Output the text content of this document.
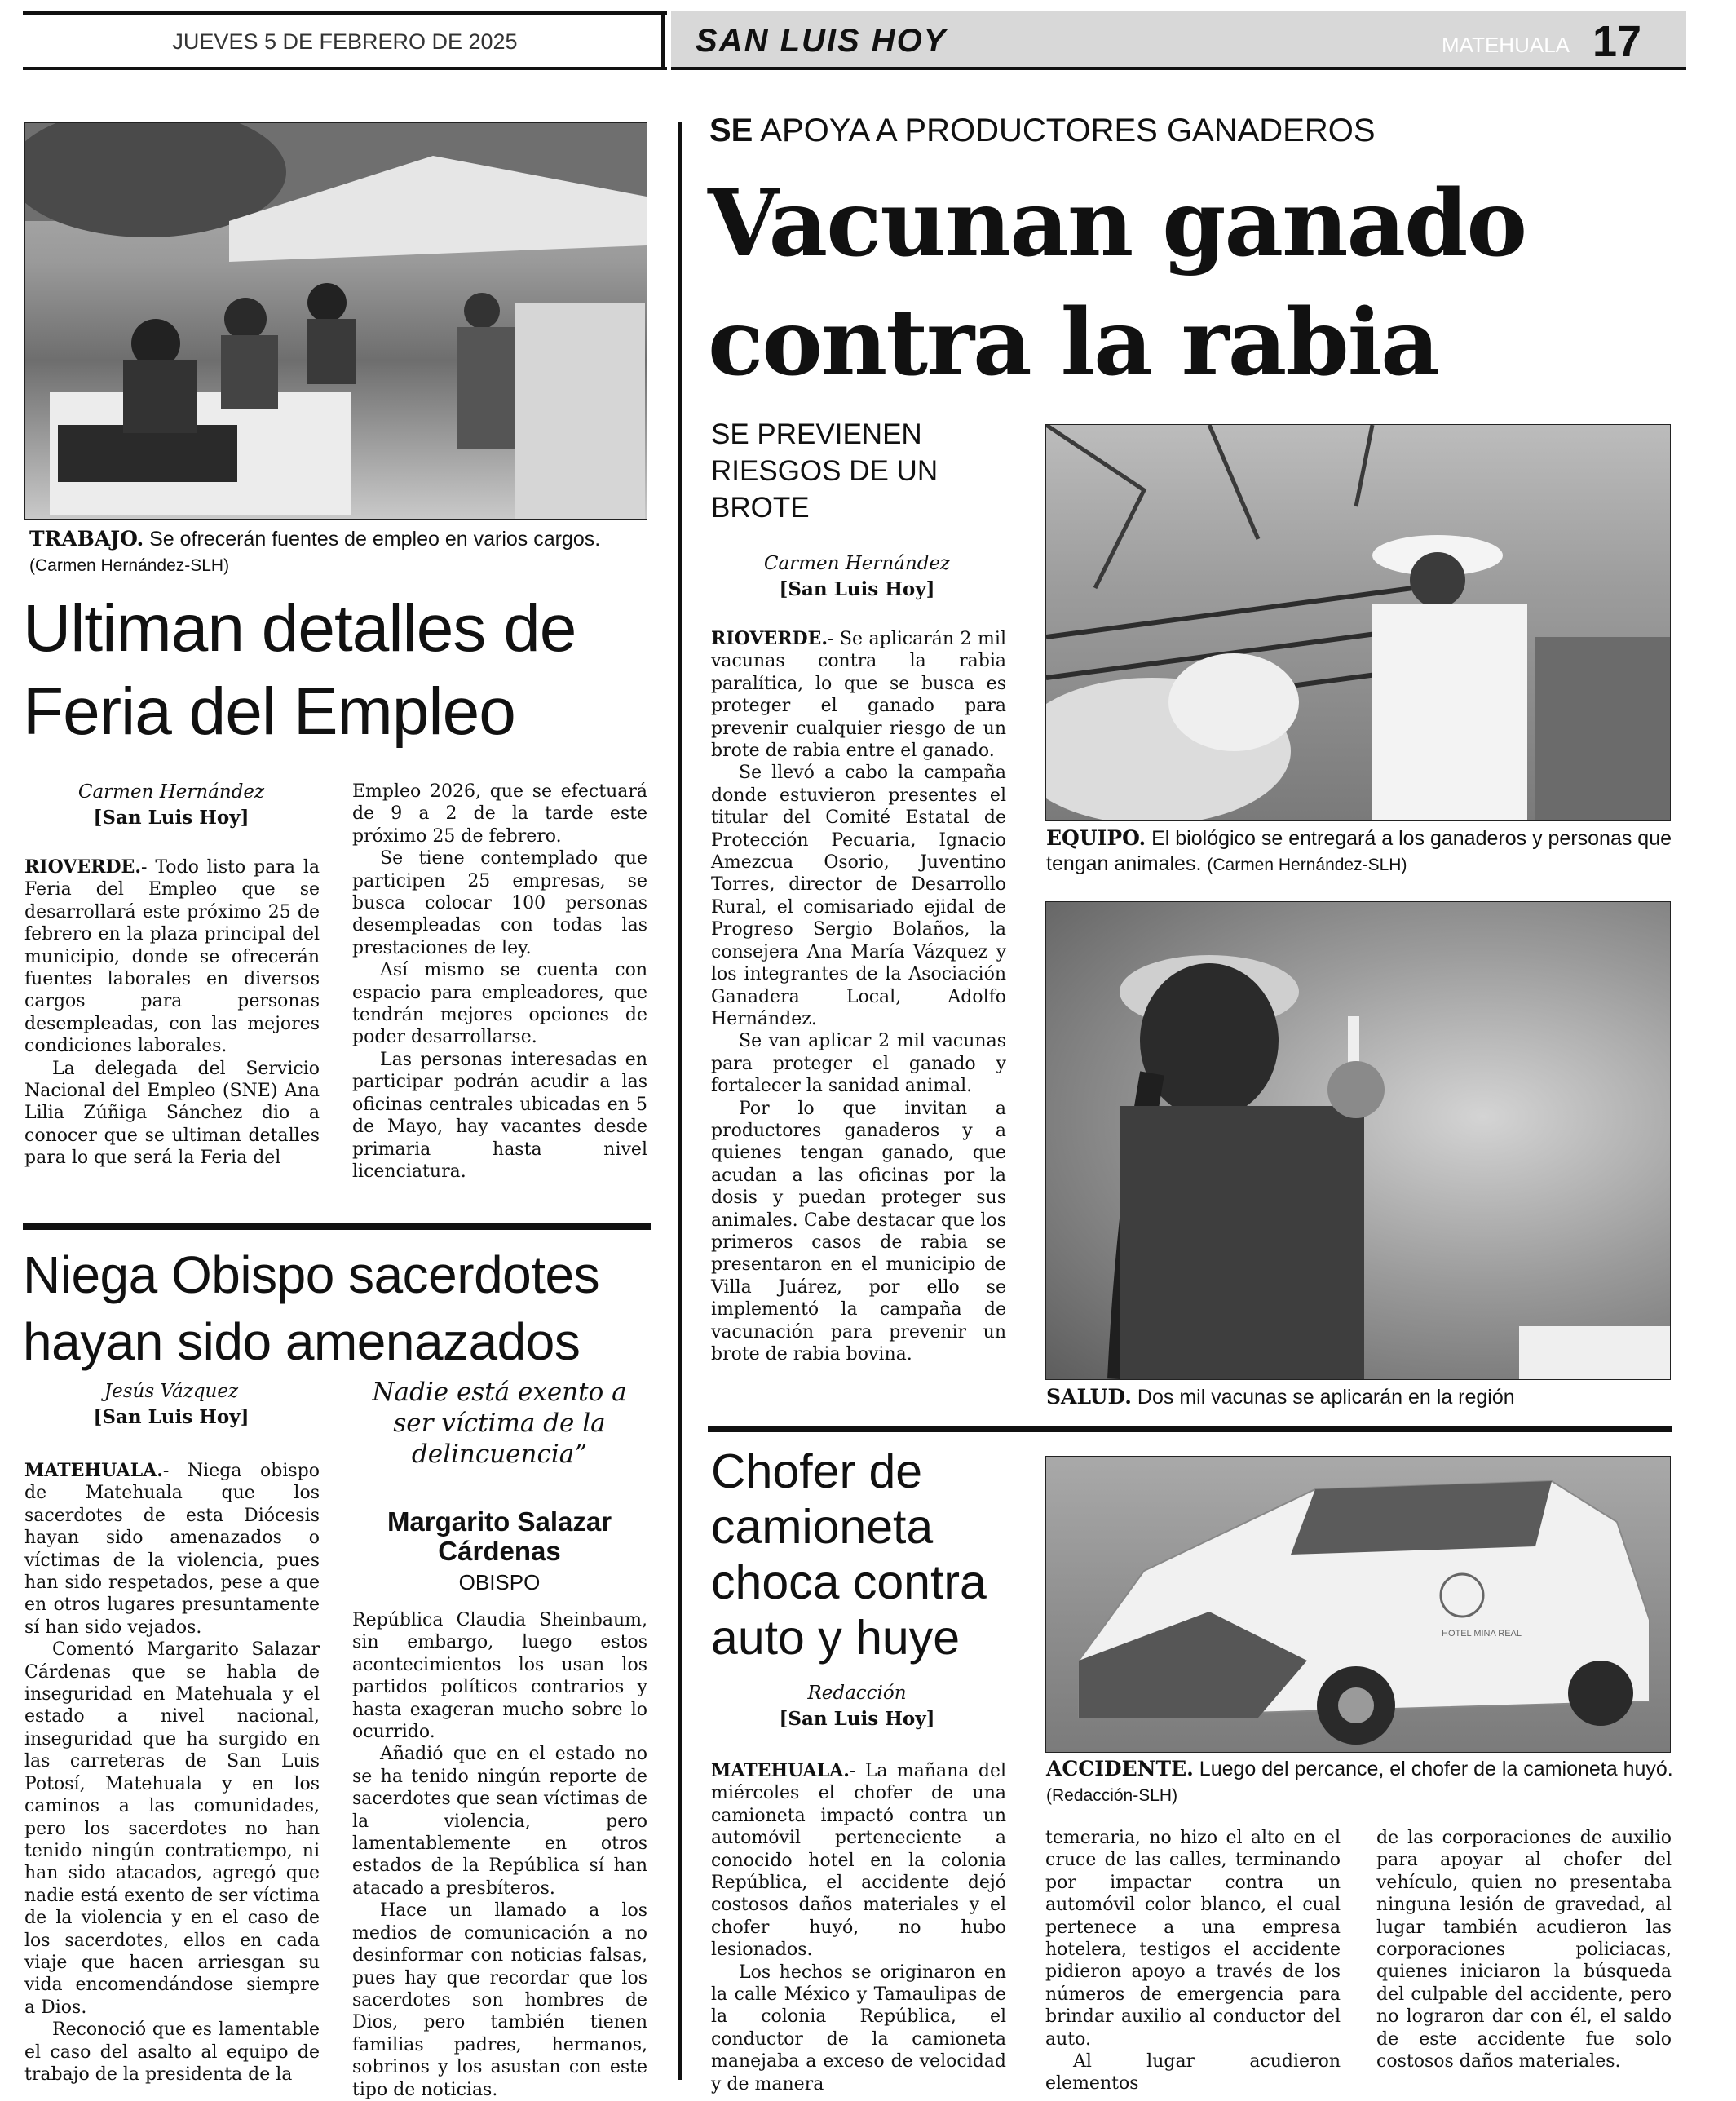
JUEVES 5 DE FEBRERO DE 2025	SAN LUIS HOY	MATEHUALA 17
TRABAJO. Se ofrecerán fuentes de empleo en varios cargos. (Carmen Hernández-SLH)
Ultiman detalles de Feria del Empleo
Carmen Hernández
[San Luis Hoy]

RIOVERDE.- Todo listo para la Feria del Empleo que se desarrollará este próximo 25 de febrero en la plaza principal del municipio, donde se ofrecerán fuentes laborales en diversos cargos para personas desempleadas, con las mejores condiciones laborales.

La delegada del Servicio Nacional del Empleo (SNE) Ana Lilia Zúñiga Sánchez dio a conocer que se ultiman detalles para lo que será la Feria del

Empleo 2026, que se efectuará de 9 a 2 de la tarde este próximo 25 de febrero.

Se tiene contemplado que participen 25 empresas, se busca colocar 100 personas desempleadas con todas las prestaciones de ley.

Así mismo se cuenta con espacio para empleadores, que tendrán mejores opciones de poder desarrollarse.

Las personas interesadas en participar podrán acudir a las oficinas centrales ubicadas en 5 de Mayo, hay vacantes desde primaria hasta nivel licenciatura.

Niega Obispo sacerdotes hayan sido amenazados
Jesús Vázquez
[San Luis Hoy]
Nadie está exento a ser víctima de la delincuencia”
Margarito Salazar Cárdenas
OBISPO

MATEHUALA.- Niega obispo de Matehuala que los sacerdotes de esta Diócesis hayan sido amenazados o víctimas de la violencia, pues han sido respetados, pese a que en otros lugares presuntamente sí han sido vejados.

Comentó Margarito Salazar Cárdenas que se habla de inseguridad en Matehuala y el estado a nivel nacional, inseguridad que ha surgido en las carreteras de San Luis Potosí, Matehuala y en los caminos a las comunidades, pero los sacerdotes no han tenido ningún contratiempo, ni han sido atacados, agregó que nadie está exento de ser víctima de la violencia y en el caso de los sacerdotes, ellos en cada viaje que hacen arriesgan su vida encomendándose siempre a Dios.

Reconoció que es lamentable el caso del asalto al equipo de trabajo de la presidenta de la

República Claudia Sheinbaum, sin embargo, luego estos acontecimientos los usan los partidos políticos contrarios y hasta exageran mucho sobre lo ocurrido.

Añadió que en el estado no se ha tenido ningún reporte de sacerdotes que sean víctimas de la violencia, pero lamentablemente en otros estados de la República sí han atacado a presbíteros.

Hace un llamado a los medios de comunicación a no desinformar con noticias falsas, pues hay que recordar que los sacerdotes son hombres de Dios, pero también tienen familias padres, hermanos, sobrinos y los asustan con este tipo de noticias.

SE APOYA A PRODUCTORES GANADEROS
Vacunan ganado contra la rabia
SE PREVIENEN RIESGOS DE UN BROTE
Carmen Hernández
[San Luis Hoy]

RIOVERDE.- Se aplicarán 2 mil vacunas contra la rabia paralítica, lo que se busca es proteger el ganado para prevenir cualquier riesgo de un brote de rabia entre el ganado.

Se llevó a cabo la campaña donde estuvieron presentes el titular del Comité Estatal de Protección Pecuaria, Ignacio Amezcua Osorio, Juventino Torres, director de Desarrollo Rural, el comisariado ejidal de Progreso Sergio Bolaños, la consejera Ana María Vázquez y los integrantes de la Asociación Ganadera Local, Adolfo Hernández.

Se van aplicar 2 mil vacunas para proteger el ganado y fortalecer la sanidad animal.

Por lo que invitan a productores ganaderos y a quienes tengan ganado, que acudan a las oficinas por la dosis y puedan proteger sus animales. Cabe destacar que los primeros casos de rabia se presentaron en el municipio de Villa Juárez, por ello se implementó la campaña de vacunación para prevenir un brote de rabia bovina.

EQUIPO. El biológico se entregará a los ganaderos y personas que tengan animales. (Carmen Hernández-SLH)
SALUD. Dos mil vacunas se aplicarán en la región
Chofer de camioneta choca contra auto y huye
Redacción
[San Luis Hoy]
HOTEL MINA REAL
ACCIDENTE. Luego del percance, el chofer de la camioneta huyó. (Redacción-SLH)

MATEHUALA.- La mañana del miércoles el chofer de una camioneta impactó contra un automóvil perteneciente a conocido hotel en la colonia República, el accidente dejó costosos daños materiales y el chofer huyó, no hubo lesionados.

Los hechos se originaron en la calle México y Tamaulipas de la colonia República, el conductor de la camioneta manejaba a exceso de velocidad y de manera

temeraria, no hizo el alto en el cruce de las calles, terminando por impactar contra un automóvil color blanco, el cual pertenece a una empresa hotelera, testigos el accidente pidieron apoyo a través de los números de emergencia para brindar auxilio al conductor del auto.

Al lugar acudieron elementos

de las corporaciones de auxilio para apoyar al chofer del vehículo, quien no presentaba ninguna lesión de gravedad, al lugar también acudieron las corporaciones policiacas, quienes iniciaron la búsqueda del culpable del accidente, pero no lograron dar con él, el saldo de este accidente fue solo costosos daños materiales.
